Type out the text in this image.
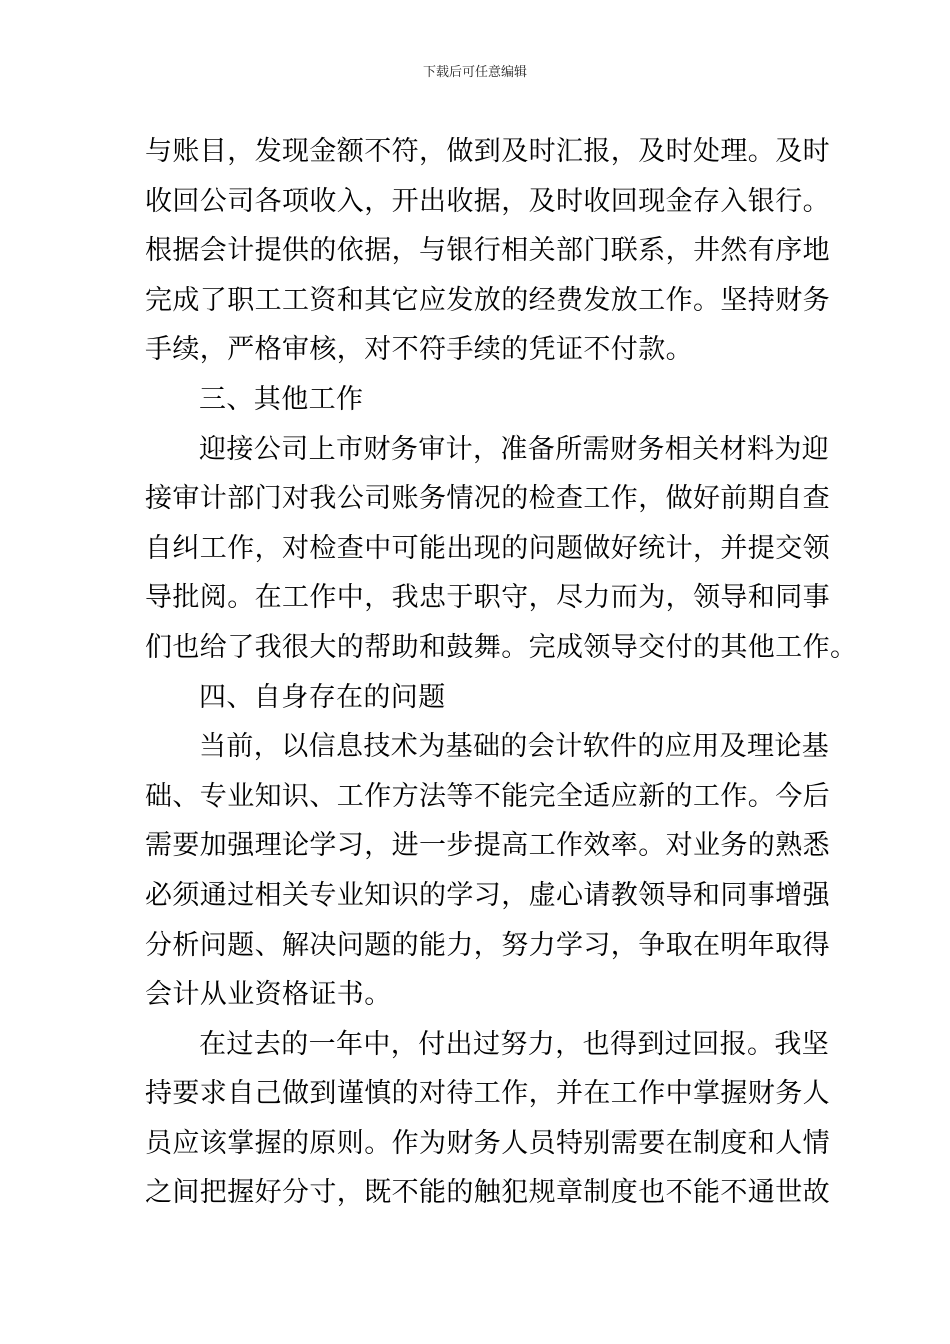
下载后可任意编辑
与账目，发现金额不符，做到及时汇报，及时处理。及时
收回公司各项收入，开出收据，及时收回现金存入银行。
根据会计提供的依据，与银行相关部门联系，井然有序地
完成了职工工资和其它应发放的经费发放工作。坚持财务
手续，严格审核，对不符手续的凭证不付款。
三、其他工作
迎接公司上市财务审计，准备所需财务相关材料为迎
接审计部门对我公司账务情况的检查工作，做好前期自查
自纠工作，对检查中可能出现的问题做好统计，并提交领
导批阅。在工作中，我忠于职守，尽力而为，领导和同事
们也给了我很大的帮助和鼓舞。完成领导交付的其他工作。
四、自身存在的问题
当前，以信息技术为基础的会计软件的应用及理论基
础、专业知识、工作方法等不能完全适应新的工作。今后
需要加强理论学习，进一步提高工作效率。对业务的熟悉
必须通过相关专业知识的学习，虚心请教领导和同事增强
分析问题、解决问题的能力，努力学习，争取在明年取得
会计从业资格证书。
在过去的一年中，付出过努力，也得到过回报。我坚
持要求自己做到谨慎的对待工作，并在工作中掌握财务人
员应该掌握的原则。作为财务人员特别需要在制度和人情
之间把握好分寸，既不能的触犯规章制度也不能不通世故
